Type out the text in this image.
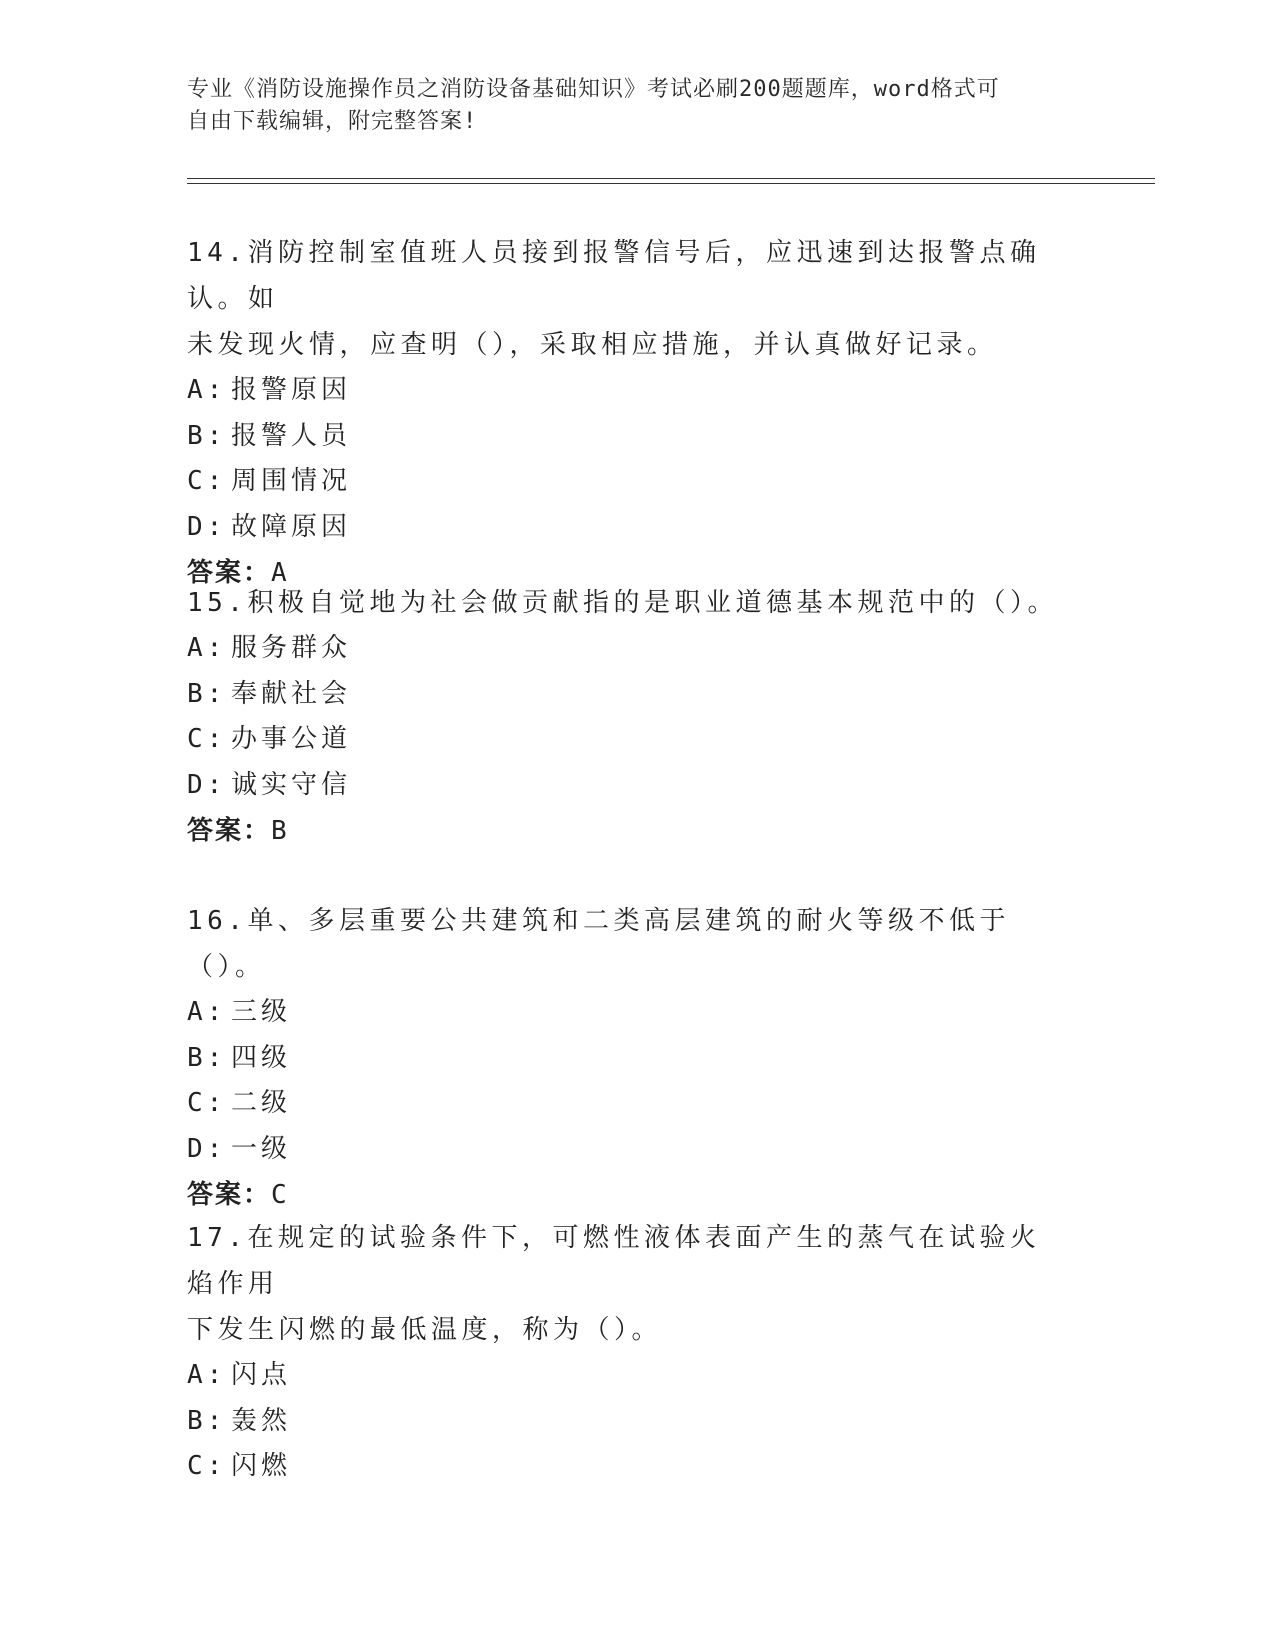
专业《消防设施操作员之消防设备基础知识》考试必刷200题题库，word格式可
自由下载编辑，附完整答案!

14.消防控制室值班人员接到报警信号后，应迅速到达报警点确认。如
未发现火情，应查明（），采取相应措施，并认真做好记录。

A: 报警原因

B: 报警人员

C: 周围情况

D: 故障原因

答案：A

15.积极自觉地为社会做贡献指的是职业道德基本规范中的（）。

A: 服务群众

B: 奉献社会

C: 办事公道

D: 诚实守信

答案：B

16.单、多层重要公共建筑和二类高层建筑的耐火等级不低于（）。

A: 三级

B: 四级

C: 二级

D: 一级

答案：C

17.在规定的试验条件下，可燃性液体表面产生的蒸气在试验火焰作用
下发生闪燃的最低温度，称为（）。

A: 闪点

B: 轰然

C: 闪燃
